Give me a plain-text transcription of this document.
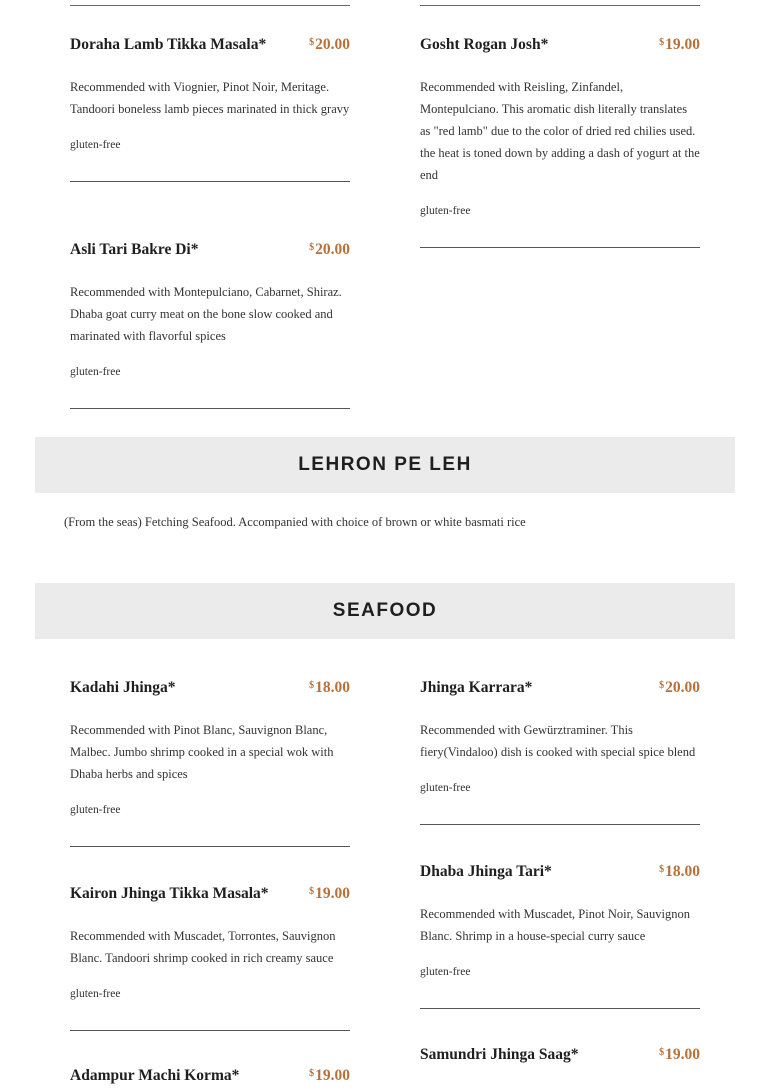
Doraha Lamb Tikka Masala*	$20.00
Recommended with Viognier, Pinot Noir, Meritage. Tandoori boneless lamb pieces marinated in thick gravy
gluten-free
Asli Tari Bakre Di*	$20.00
Recommended with Montepulciano, Cabarnet, Shiraz. Dhaba goat curry meat on the bone slow cooked and marinated with flavorful spices
gluten-free
Gosht Rogan Josh*	$19.00
Recommended with Reisling, Zinfandel, Montepulciano. This aromatic dish literally translates as "red lamb" due to the color of dried red chilies used. the heat is toned down by adding a dash of yogurt at the end
gluten-free
LEHRON PE LEH
(From the seas) Fetching Seafood. Accompanied with choice of brown or white basmati rice
SEAFOOD
Kadahi Jhinga*	$18.00
Recommended with Pinot Blanc, Sauvignon Blanc, Malbec. Jumbo shrimp cooked in a special wok with Dhaba herbs and spices
gluten-free
Kairon Jhinga Tikka Masala*	$19.00
Recommended with Muscadet, Torrontes, Sauvignon Blanc. Tandoori shrimp cooked in rich creamy sauce
gluten-free
Adampur Machi Korma*	$19.00
Jhinga Karrara*	$20.00
Recommended with Gewürztraminer. This fiery(Vindaloo) dish is cooked with special spice blend
gluten-free
Dhaba Jhinga Tari*	$18.00
Recommended with Muscadet, Pinot Noir, Sauvignon Blanc. Shrimp in a house-special curry sauce
gluten-free
Samundri Jhinga Saag*	$19.00
